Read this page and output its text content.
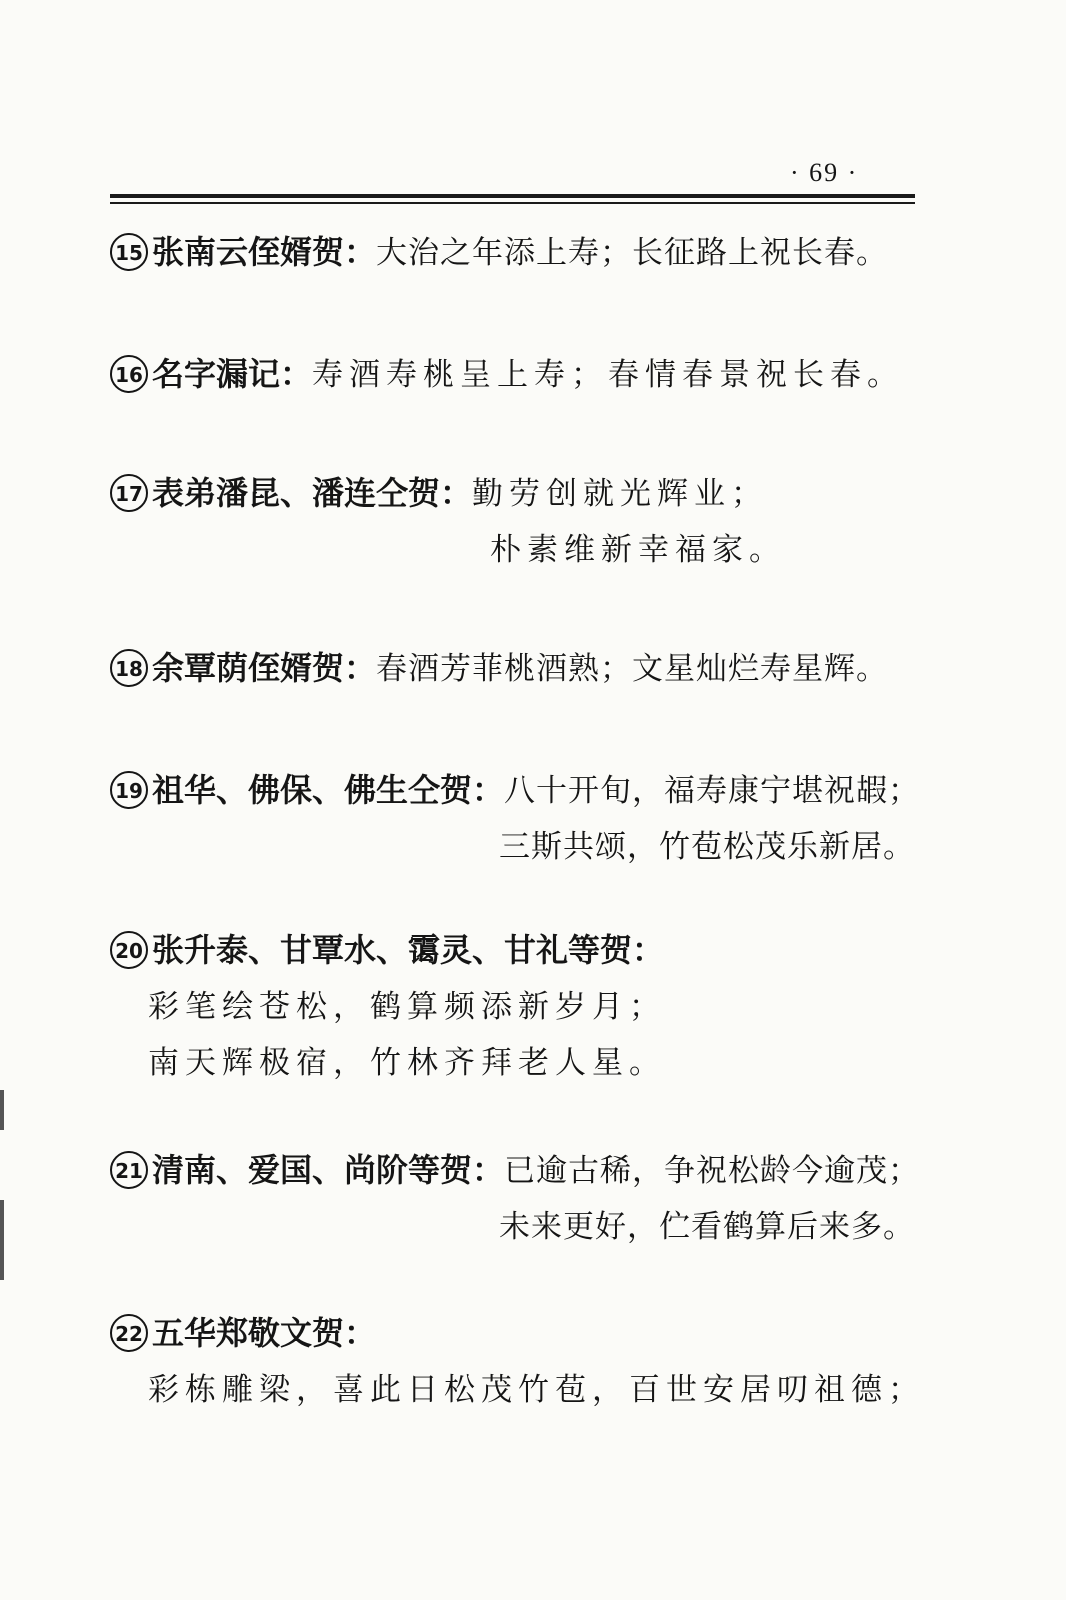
· 69 ·
15 张南云侄婿贺：大治之年添上寿；长征路上祝长春。
16 名字漏记：寿酒寿桃呈上寿；春情春景祝长春。
17 表弟潘昆、潘连仝贺：勤劳创就光辉业；
朴素维新幸福家。
18 余覃荫侄婿贺：春酒芳菲桃酒熟；文星灿烂寿星辉。
19 祖华、佛保、佛生仝贺：八十开旬，福寿康宁堪祝嘏；
三斯共颂，竹苞松茂乐新居。
20 张升泰、甘覃水、霭灵、甘礼等贺：
彩笔绘苍松，鹤算频添新岁月；
南天辉极宿，竹林齐拜老人星。
21 清南、爱国、尚阶等贺：已逾古稀，争祝松龄今逾茂；
未来更好，伫看鹤算后来多。
22 五华郑敬文贺：
彩栋雕梁，喜此日松茂竹苞，百世安居叨祖德；
